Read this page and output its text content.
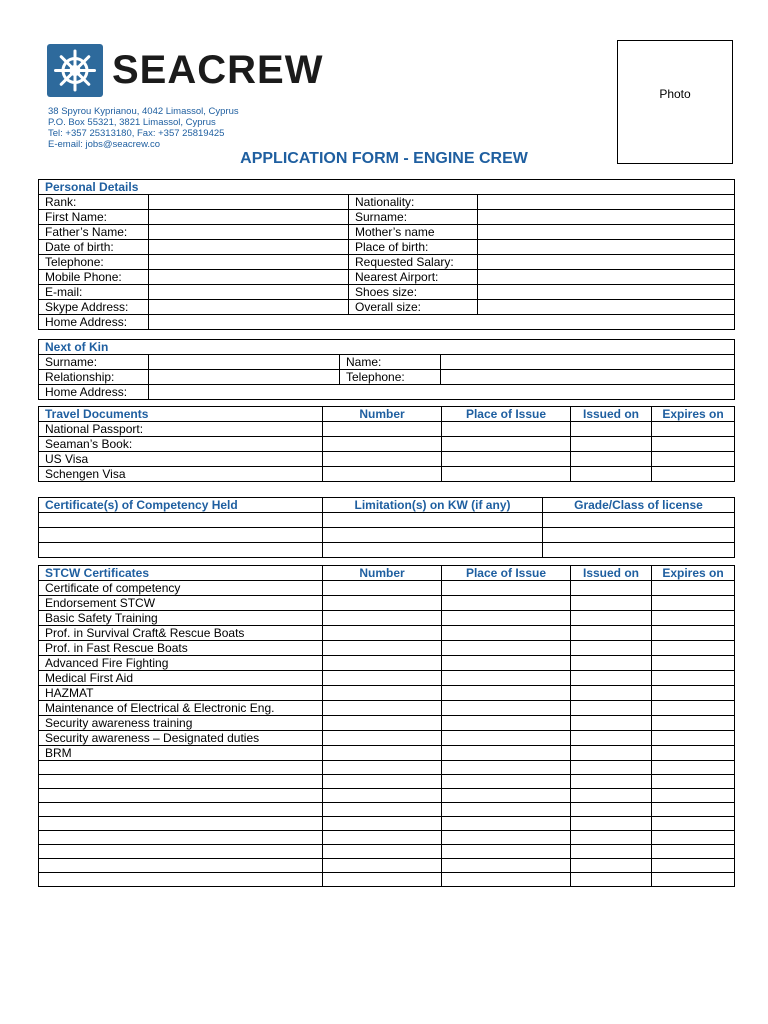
SEACREW
38 Spyrou Kyprianou, 4042 Limassol, Cyprus
P.O. Box 55321, 3821 Limassol, Cyprus
Tel: +357 25313180, Fax: +357 25819425
E-email: jobs@seacrew.co
Photo
APPLICATION FORM - ENGINE CREW
Personal Details			
Rank:		Nationality:	
First Name:		Surname:	
Father’s Name:		Mother’s name	
Date of birth:		Place of birth:	
Telephone:		Requested Salary:	
Mobile Phone:		Nearest Airport:	
E-mail:		Shoes size:	
Skype Address:		Overall size:	
Home Address:			
Next of Kin			
Surname:		Name:	
Relationship:		Telephone:	
Home Address:			
Travel Documents	Number	Place of Issue	Issued on	Expires on
National Passport:				
Seaman’s Book:				
US Visa				
Schengen Visa				
Certificate(s) of Competency Held	Limitation(s) on KW (if any)	Grade/Class of license

STCW Certificates	Number	Place of Issue	Issued on	Expires on
Certificate of competency				
Endorsement STCW				
Basic Safety Training				
Prof. in Survival Craft& Rescue Boats				
Prof. in Fast Rescue Boats				
Advanced Fire Fighting				
Medical First Aid				
HAZMAT				
Maintenance of Electrical & Electronic Eng.				
Security awareness training				
Security awareness – Designated duties				
BRM				
